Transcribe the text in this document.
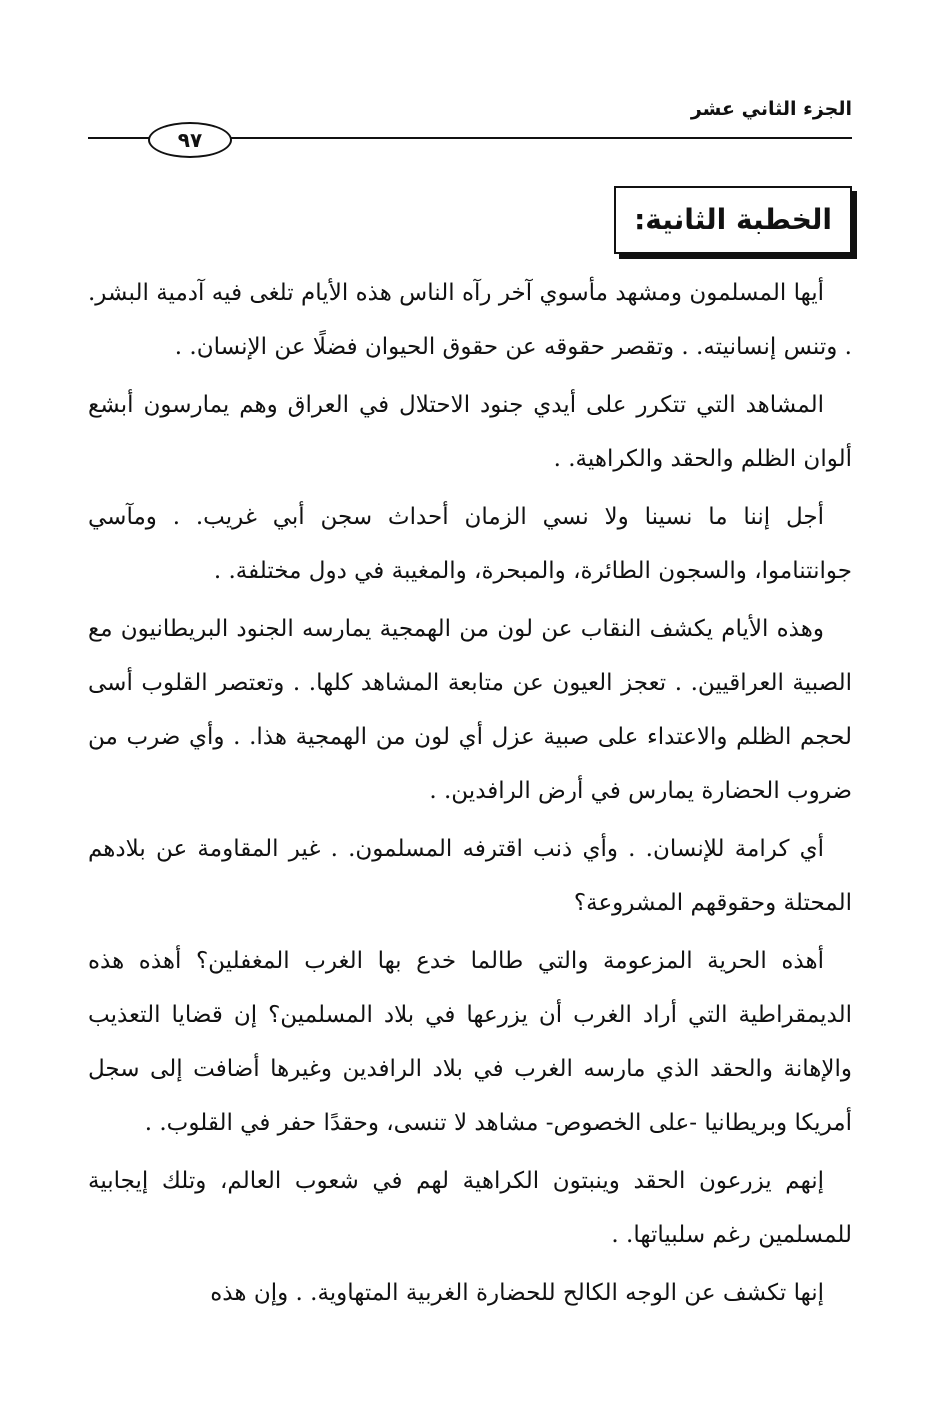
الجزء الثاني عشر
٩٧
الخطبة الثانية:

أيها المسلمون ومشهد مأسوي آخر رآه الناس هذه الأيام تلغى فيه آدمية البشر. . وتنس إنسانيته. . وتقصر حقوقه عن حقوق الحيوان فضلًا عن الإنسان. .

المشاهد التي تتكرر على أيدي جنود الاحتلال في العراق وهم يمارسون أبشع ألوان الظلم والحقد والكراهية. .

أجل إننا ما نسينا ولا نسي الزمان أحداث سجن أبي غريب. . ومآسي جوانتناموا، والسجون الطائرة، والمبحرة، والمغيبة في دول مختلفة. .

وهذه الأيام يكشف النقاب عن لون من الهمجية يمارسه الجنود البريطانيون مع الصبية العراقيين. . تعجز العيون عن متابعة المشاهد كلها. . وتعتصر القلوب أسى لحجم الظلم والاعتداء على صبية عزل أي لون من الهمجية هذا. . وأي ضرب من ضروب الحضارة يمارس في أرض الرافدين. .

أي كرامة للإنسان. . وأي ذنب اقترفه المسلمون. . غير المقاومة عن بلادهم المحتلة وحقوقهم المشروعة؟

أهذه الحرية المزعومة والتي طالما خدع بها الغرب المغفلين؟ أهذه هذه الديمقراطية التي أراد الغرب أن يزرعها في بلاد المسلمين؟ إن قضايا التعذيب والإهانة والحقد الذي مارسه الغرب في بلاد الرافدين وغيرها أضافت إلى سجل أمريكا وبريطانيا -على الخصوص- مشاهد لا تنسى، وحقدًا حفر في القلوب. .

إنهم يزرعون الحقد وينبتون الكراهية لهم في شعوب العالم، وتلك إيجابية للمسلمين رغم سلبياتها. .

إنها تكشف عن الوجه الكالح للحضارة الغربية المتهاوية. . وإن هذه
